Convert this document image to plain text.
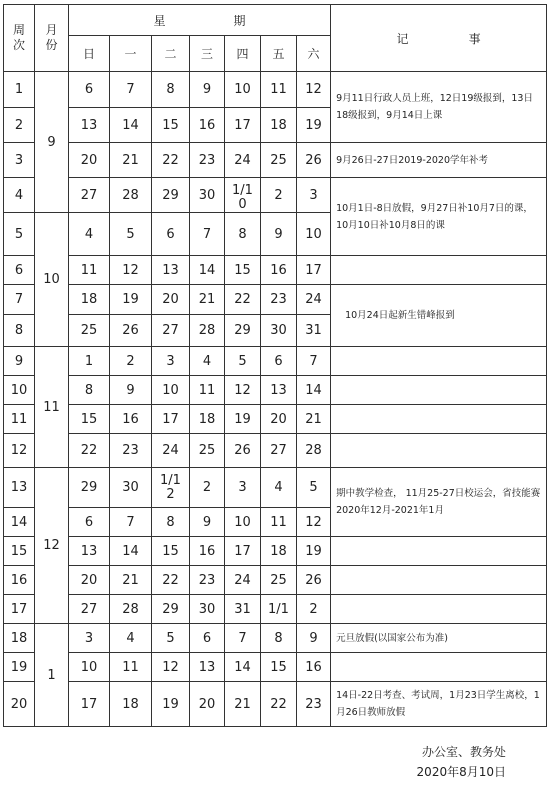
周次	月份	星 期							记 事
		日	一	二	三	四	五	六	
1	9	6	7	8	9	10	11	12	9月11日行政人员上班，12日19级报到，13日18级报到，9月14日上课
2		13	14	15	16	17	18	19	
3		20	21	22	23	24	25	26	9月26日-27日2019-2020学年补考
4		27	28	29	30	1/10	2	3	10月1日-8日放假，9月27日补10月7日的课，10月10日补10月8日的课
5	10	4	5	6	7	8	9	10	
6		11	12	13	14	15	16	17	
7		18	19	20	21	22	23	24	10月24日起新生错峰报到
8		25	26	27	28	29	30	31	
9	11	1	2	3	4	5	6	7	
10		8	9	10	11	12	13	14	
11		15	16	17	18	19	20	21	
12		22	23	24	25	26	27	28	
13	12	29	30	1/12	2	3	4	5	期中教学检查， 11月25-27日校运会，省技能赛2020年12月-2021年1月
14		6	7	8	9	10	11	12	
15		13	14	15	16	17	18	19	
16		20	21	22	23	24	25	26	
17		27	28	29	30	31	1/1	2	
18	1	3	4	5	6	7	8	9	元旦放假(以国家公布为准)
19		10	11	12	13	14	15	16	
20		17	18	19	20	21	22	23	14日-22日考查、考试周，1月23日学生离校，1月26日教师放假
办公室、教务处
2020年8月10日
